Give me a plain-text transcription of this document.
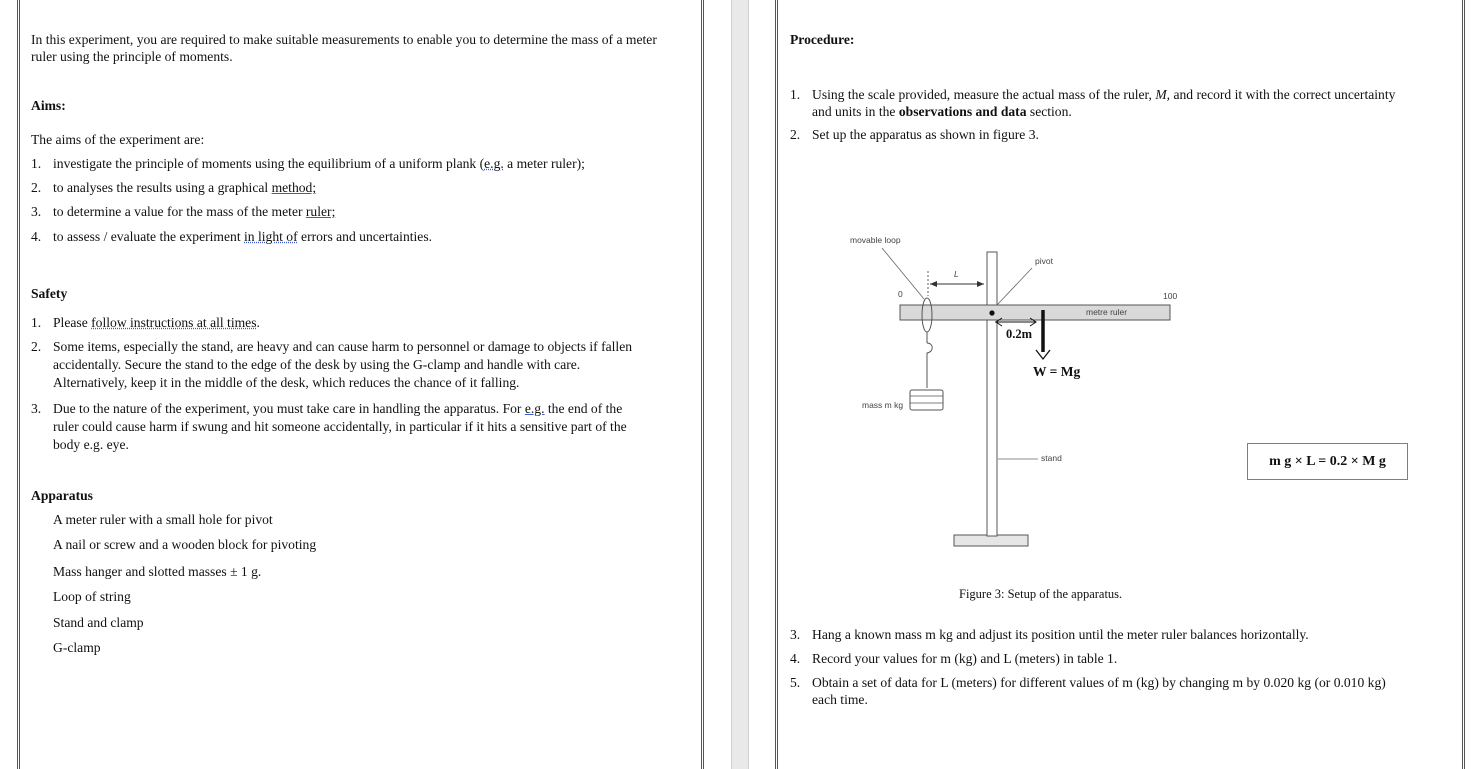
In this experiment, you are required to make suitable measurements to enable you to determine the mass of a meter ruler using the principle of moments.

Aims:

The aims of the experiment are:

1. investigate the principle of moments using the equilibrium of a uniform plank (e.g. a meter ruler);

2. to analyses the results using a graphical method;

3. to determine a value for the mass of the meter ruler;

4. to assess / evaluate the experiment in light of errors and uncertainties.

Safety

1. Please follow instructions at all times.

2. Some items, especially the stand, are heavy and can cause harm to personnel or damage to objects if fallen

accidentally. Secure the stand to the edge of the desk by using the G-clamp and handle with care.

Alternatively, keep it in the middle of the desk, which reduces the chance of it falling.

3. Due to the nature of the experiment, you must take care in handling the apparatus. For e.g. the end of the

ruler could cause harm if swung and hit someone accidentally, in particular if it hits a sensitive part of the

body e.g. eye.

Apparatus

A meter ruler with a small hole for pivot

A nail or screw and a wooden block for pivoting

Mass hanger and slotted masses ± 1 g.

Loop of string

Stand and clamp

G-clamp

Procedure:

1. Using the scale provided, measure the actual mass of the ruler, M, and record it with the correct uncertainty

and units in the observations and data section.

2. Set up the apparatus as shown in figure 3.

Figure 3: Setup of the apparatus.

3. Hang a known mass m kg and adjust its position until the meter ruler balances horizontally.

4. Record your values for m (kg) and L (meters) in table 1.

5. Obtain a set of data for L (meters) for different values of m (kg) by changing m by 0.020 kg (or 0.010 kg)

each time.

movable loop
L
pivot
0	100
metre ruler
0.2m
W = Mg
mass m kg
stand	m g × L = 0.2 × M g
